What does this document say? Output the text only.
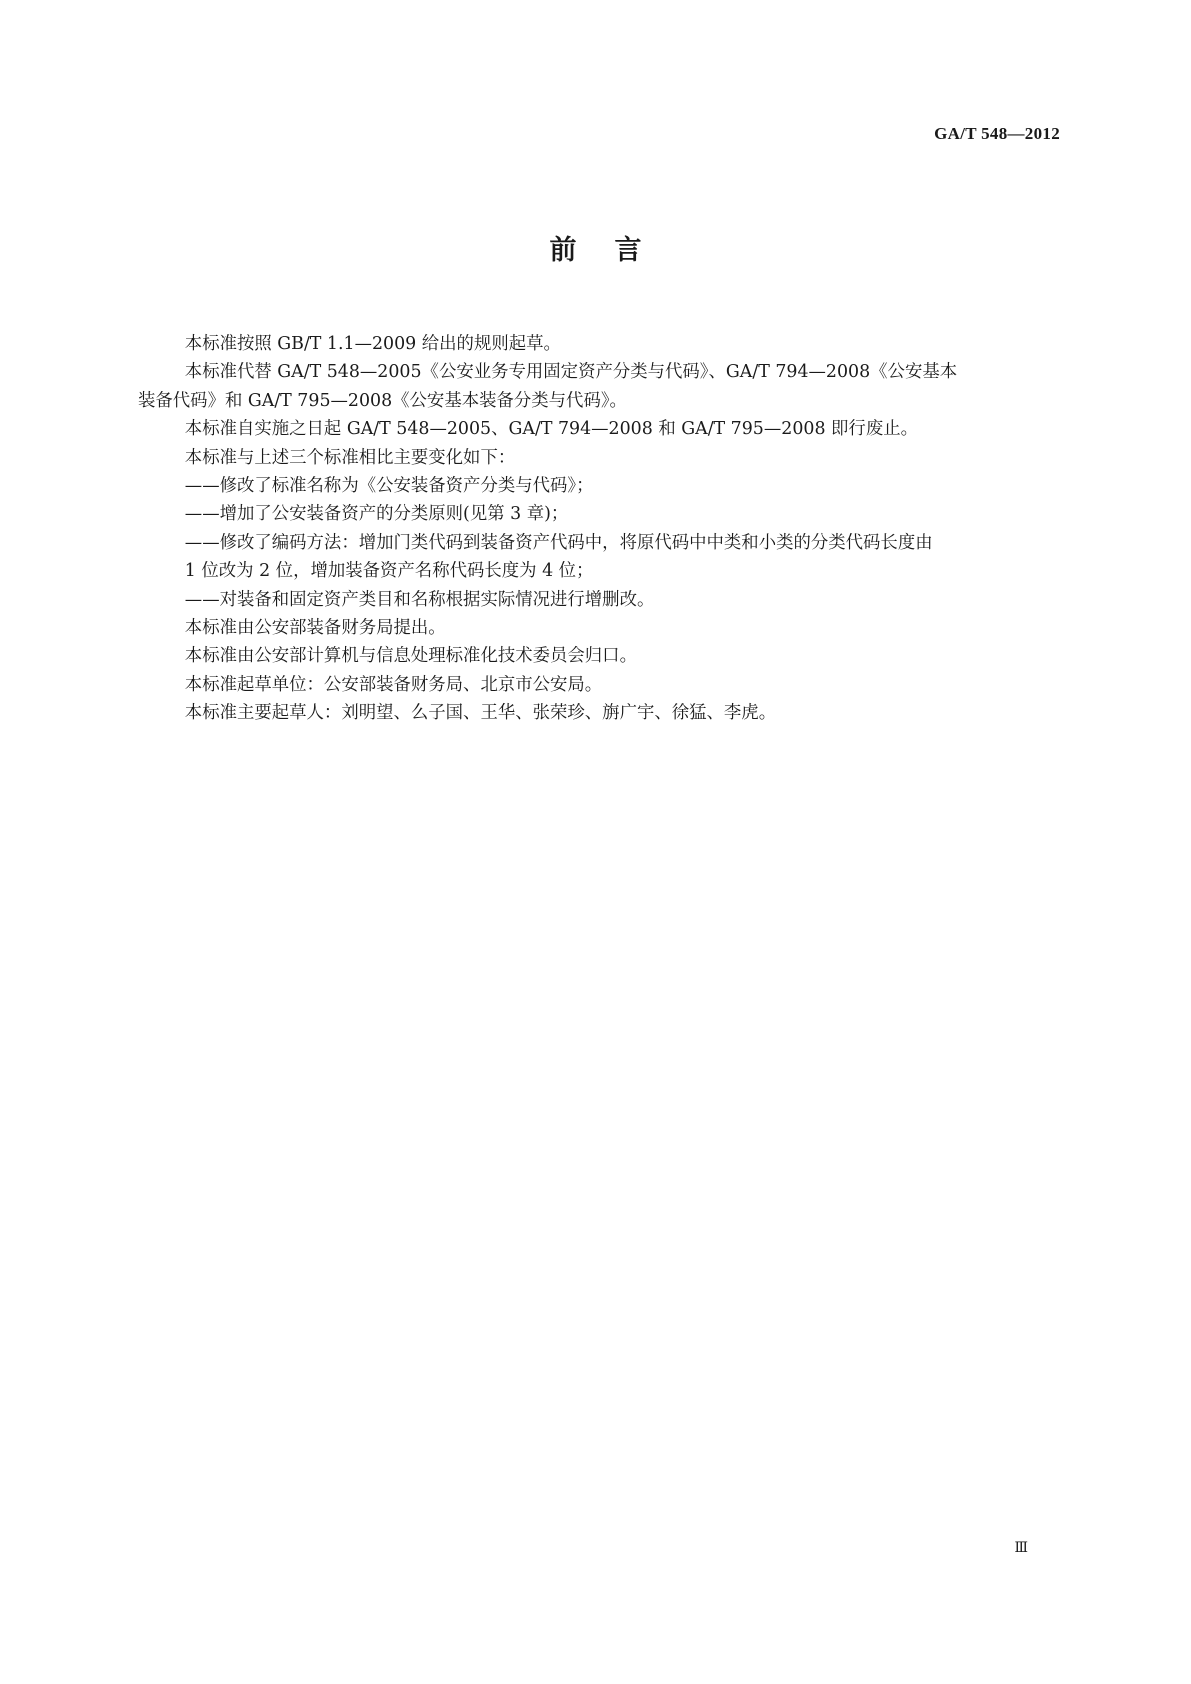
GA/T 548—2012
前言

本标准按照 GB/T 1.1—2009 给出的规则起草。

本标准代替 GA/T 548—2005《公安业务专用固定资产分类与代码》、GA/T 794—2008《公安基本

装备代码》和 GA/T 795—2008《公安基本装备分类与代码》。

本标准自实施之日起 GA/T 548—2005、GA/T 794—2008 和 GA/T 795—2008 即行废止。

本标准与上述三个标准相比主要变化如下：

——修改了标准名称为《公安装备资产分类与代码》；

——增加了公安装备资产的分类原则(见第 3 章)；

——修改了编码方法：增加门类代码到装备资产代码中，将原代码中中类和小类的分类代码长度由
1 位改为 2 位，增加装备资产名称代码长度为 4 位；

——对装备和固定资产类目和名称根据实际情况进行增删改。

本标准由公安部装备财务局提出。

本标准由公安部计算机与信息处理标准化技术委员会归口。

本标准起草单位：公安部装备财务局、北京市公安局。

本标准主要起草人：刘明望、么子国、王华、张荣珍、旃广宇、徐猛、李虎。

Ⅲ
